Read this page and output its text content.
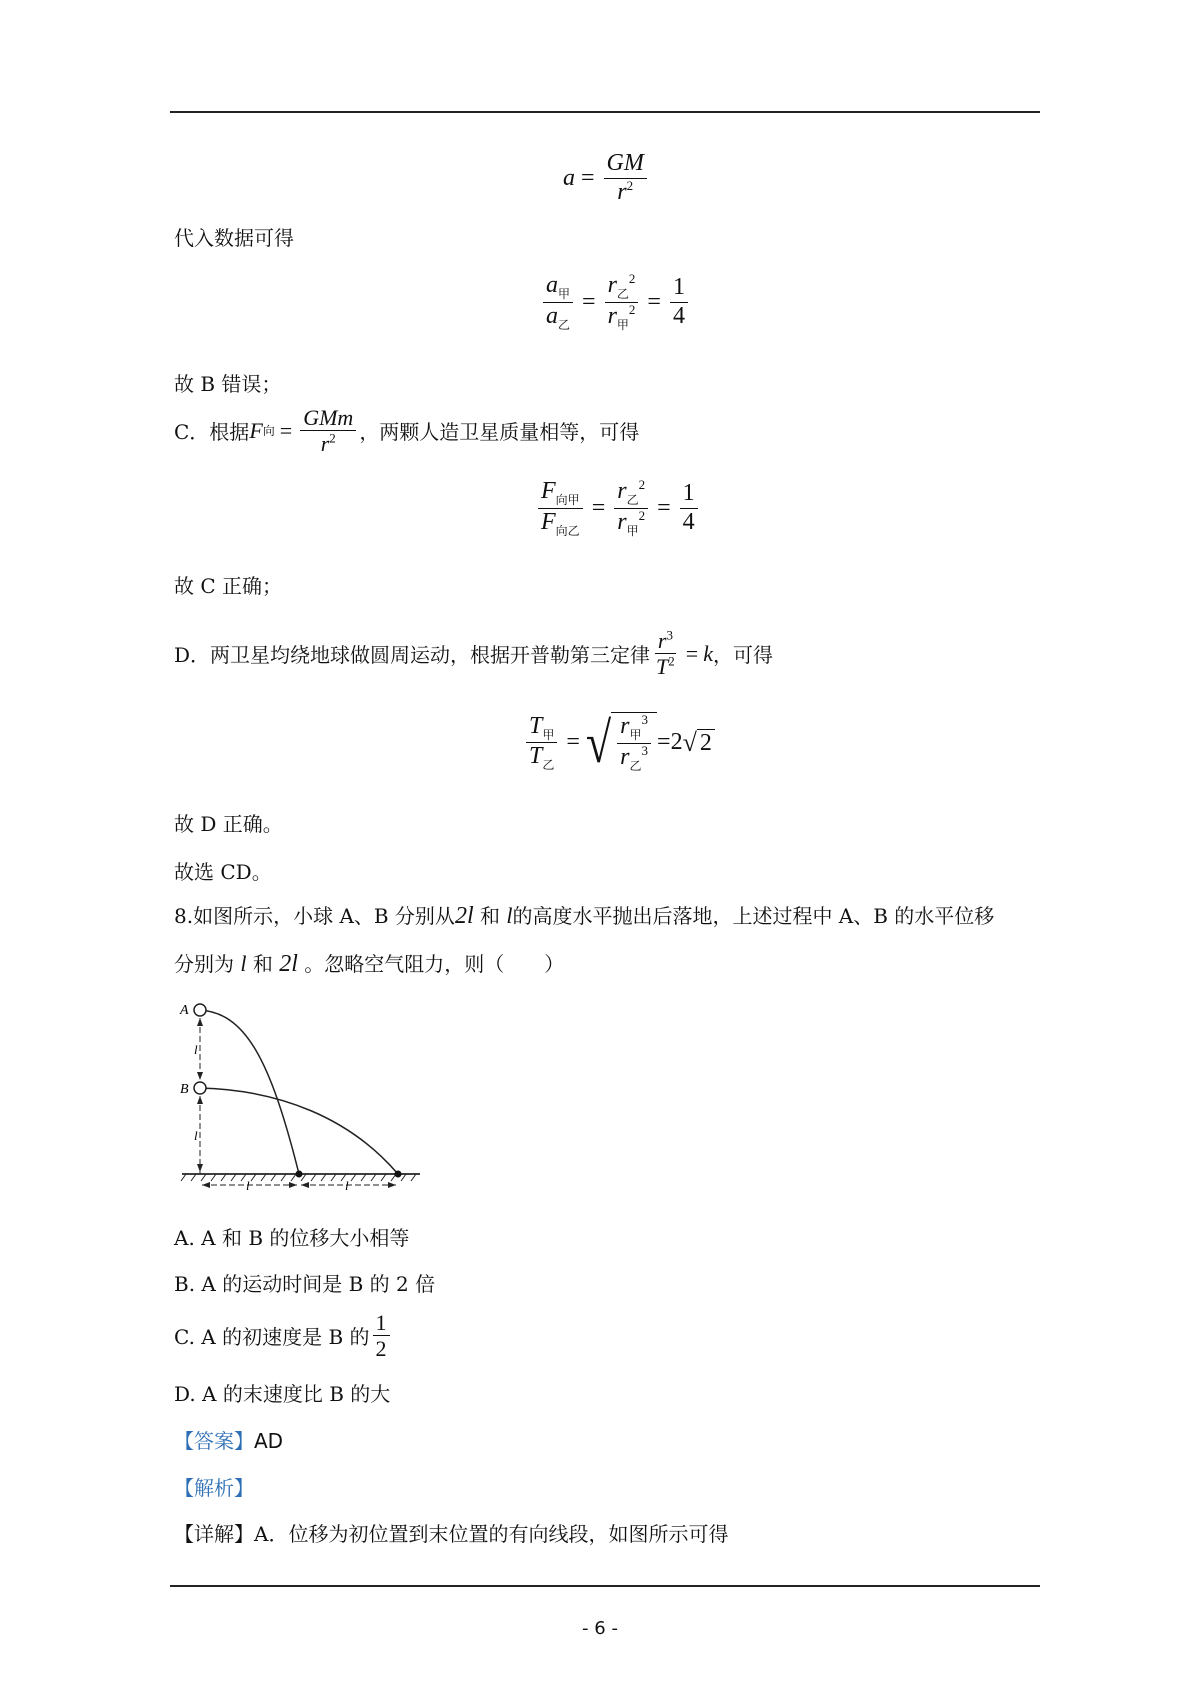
$a = \frac{GM}{r^2}$
代入数据可得
$\frac{a_甲}{a_乙} = \frac{r_乙^2}{r_甲^2} = \frac{1}{4}$
故 B 错误；
C．根据 F 向 = $\frac{\text{GMm}}{r^2}$ ，两颗人造卫星质量相等，可得
$\frac{F_{向甲}}{F_{向乙}} = \frac{r_乙^2}{r_甲^2} = \frac{1}{4}$
故 C 正确；
D．两卫星均绕地球做圆周运动，根据开普勒第三定律 $\frac{r^3}{T^2} = k$ ，可得
$\frac{T_甲}{T_乙}$ = √ $\frac{r_甲^3}{r_乙^3} =2$ √ 2
故 D 正确。
故选 CD。
8.如图所示，小球 A、B 分别从2l 和 l的高度水平抛出后落地，上述过程中 A、B 的水平位移
分别为 l 和 2l 。忽略空气阻力，则（　　）
A
B
l
l
l	l
A. A 和 B 的位移大小相等
B. A 的运动时间是 B 的 2 倍
C. A 的初速度是 B 的 $\frac{1}{2}$
D. A 的末速度比 B 的大
【答案】AD
【解析】
【详解】A．位移为初位置到末位置的有向线段，如图所示可得
- 6 -
